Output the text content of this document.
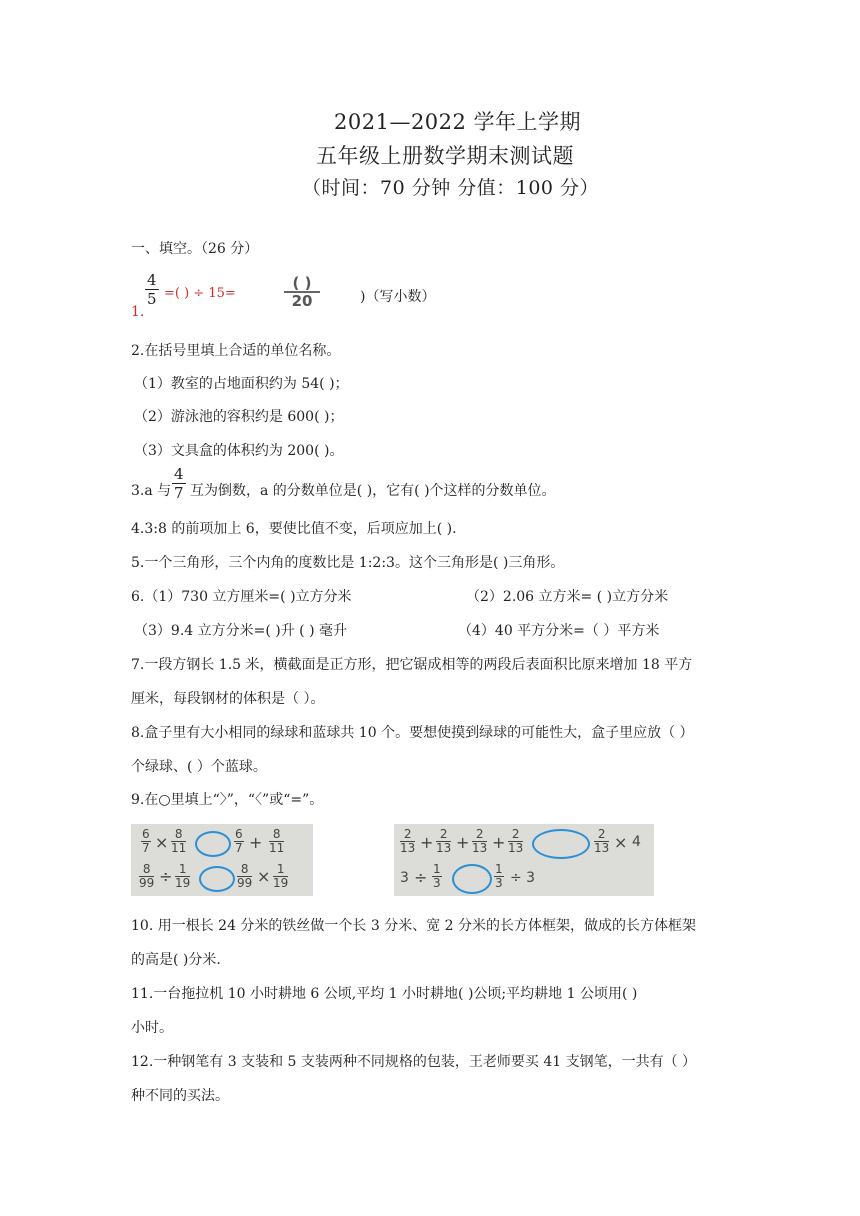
2021—2022 学年上学期
五年级上册数学期末测试题
（时间：70 分钟 分值：100 分）
一、填空。（26 分）
1.
$\frac{4}{5}$ =( ) ÷ 15=
( )
20	)（写小数）
2.在括号里填上合适的单位名称。
（1）教室的占地面积约为 54( )；
（2）游泳池的容积约是 600( )；
（3）文具盒的体积约为 200( )。
3.a 与 $\frac{4}{7}$ 互为倒数，a 的分数单位是( )，它有( )个这样的分数单位。
4.3:8 的前项加上 6，要使比值不变，后项应加上( ).
5.一个三角形，三个内角的度数比是 1:2:3。这个三角形是( )三角形。
6.（1）730 立方厘米=( )立方分米	（2）2.06 立方米= ( )立方分米
（3）9.4 立方分米=( )升 ( ) 毫升	（4）40 平方分米=（ ）平方米
7.一段方钢长 1.5 米，横截面是正方形，把它锯成相等的两段后表面积比原来增加 18 平方
厘米，每段钢材的体积是（ ）。
8.盒子里有大小相同的绿球和蓝球共 10 个。要想使摸到绿球的可能性大，盒子里应放（ ）
个绿球、( ）个蓝球。
9.在○里填上“〉”，“〈”或“=”。
6
7 × 8
11
6
7 + 8
11
8
99 ÷ 1
19
8
99 × 1
19
2
13 + 2
13 + 2
13 + 2
13
2
13 × 4
3 ÷ 1
3
1
3 ÷ 3
10. 用一根长 24 分米的铁丝做一个长 3 分米、宽 2 分米的长方体框架，做成的长方体框架
的高是( )分米.
11.一台拖拉机 10 小时耕地 6 公顷,平均 1 小时耕地( )公顷;平均耕地 1 公顷用( )
小时。
12.一种钢笔有 3 支装和 5 支装两种不同规格的包装，王老师要买 41 支钢笔，一共有（ ）
种不同的买法。
